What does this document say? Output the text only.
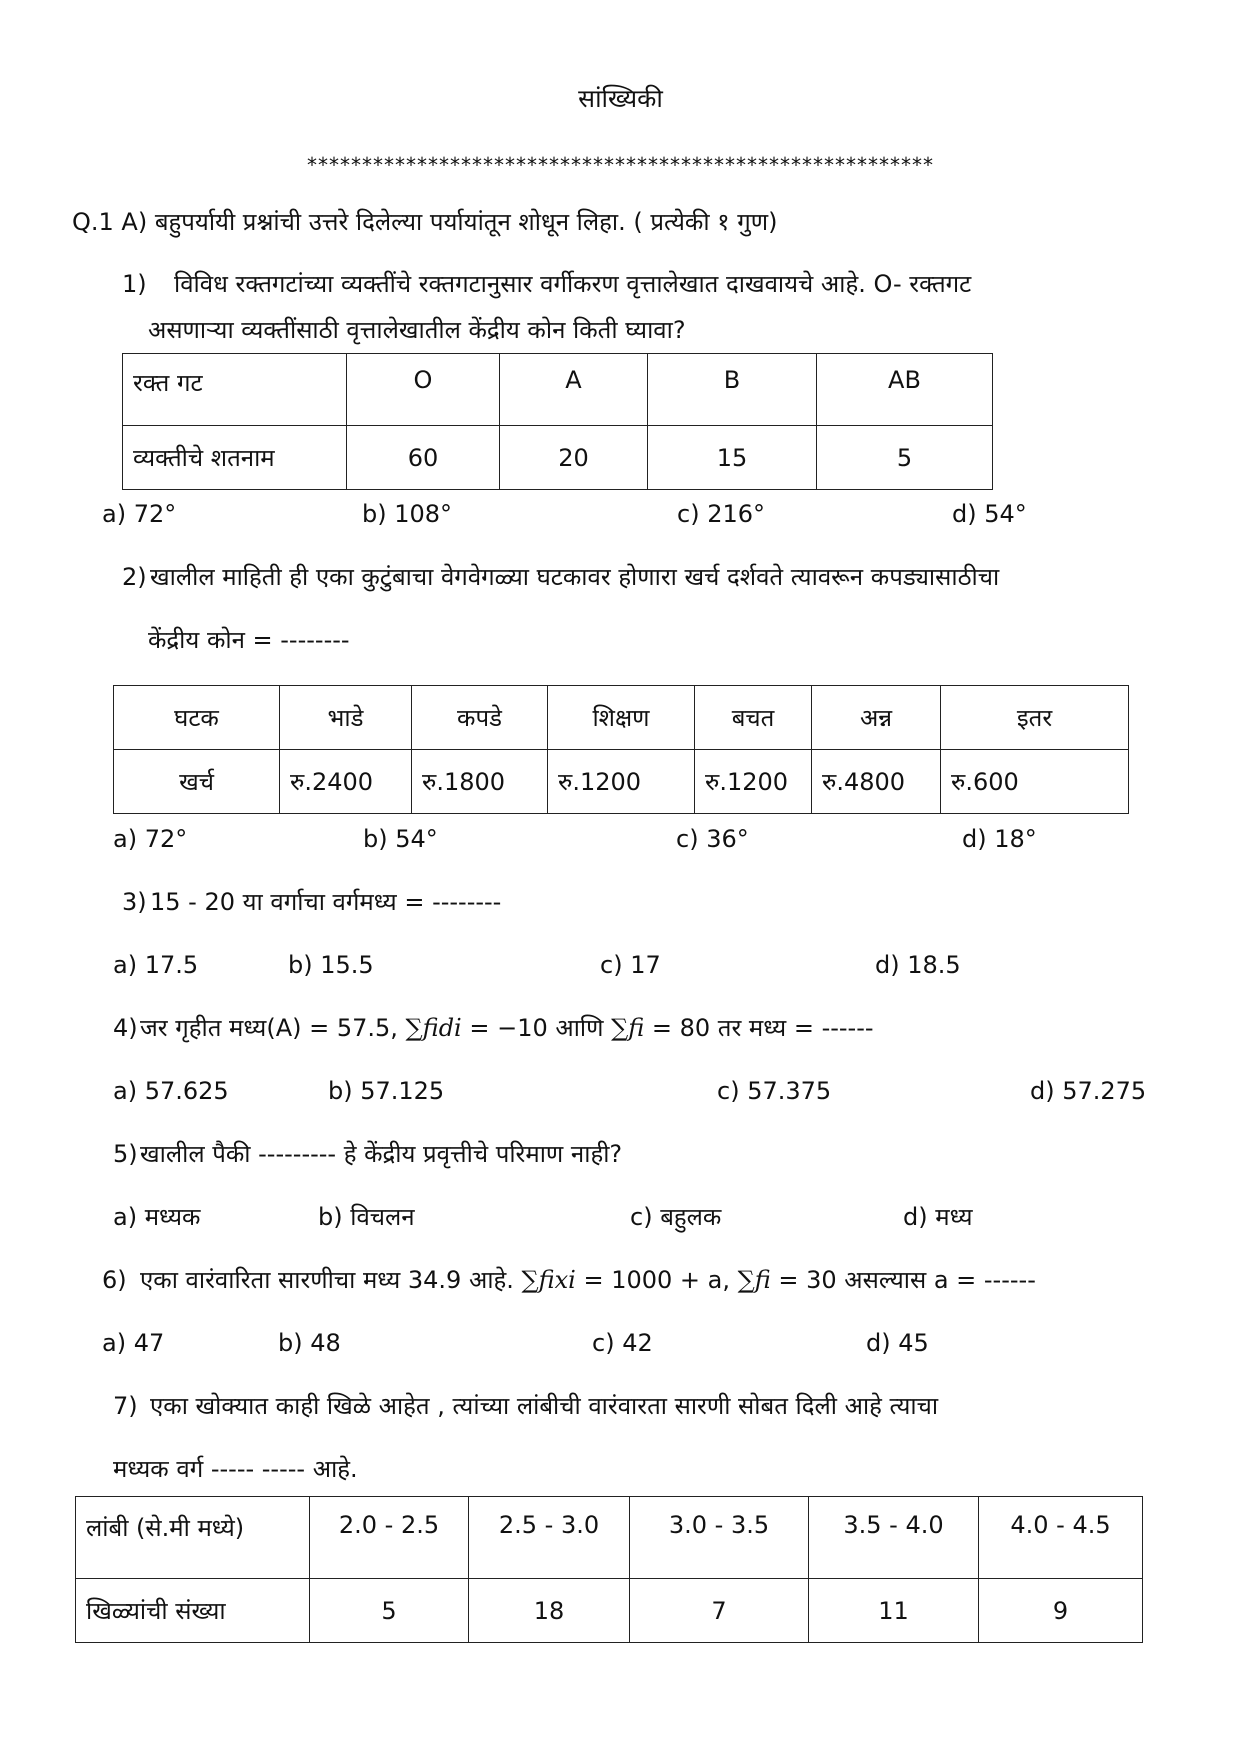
सांख्यिकी
*********************************************************
Q.1 A) बहुपर्यायी प्रश्नांची उत्तरे दिलेल्या पर्यायांतून शोधून लिहा. ( प्रत्येकी १ गुण)
1) विविध रक्तगटांच्या व्यक्तींचे रक्तगटानुसार वर्गीकरण वृत्तालेखात दाखवायचे आहे. O- रक्तगट
असणाऱ्या व्यक्तींसाठी वृत्तालेखातील केंद्रीय कोन किती घ्यावा?
रक्त गट	O	A	B	AB
व्यक्तीचे शतनाम	60	20	15	5
a) 72°	b) 108°	c) 216°	d) 54°
2) खालील माहिती ही एका कुटुंबाचा वेगवेगळ्या घटकावर होणारा खर्च दर्शवते त्यावरून कपड्यासाठीचा
केंद्रीय कोन = --------
घटक	भाडे	कपडे	शिक्षण	बचत	अन्न	इतर
खर्च	रु.2400	रु.1800	रु.1200	रु.1200	रु.4800	रु.600
a) 72°	b) 54°	c) 36°	d) 18°
3) 15 - 20 या वर्गाचा वर्गमध्य = --------
a) 17.5	b) 15.5	c) 17	d) 18.5
4) जर गृहीत मध्य(A) = 57.5, ∑fidi = −10 आणि ∑fi = 80 तर मध्य = ------
a) 57.625	b) 57.125	c) 57.375	d) 57.275
5) खालील पैकी --------- हे केंद्रीय प्रवृत्तीचे परिमाण नाही?
a) मध्यक	b) विचलन	c) बहुलक	d) मध्य
6) एका वारंवारिता सारणीचा मध्य 34.9 आहे. ∑fixi = 1000 + a, ∑fi = 30 असल्यास a = ------
a) 47	b) 48	c) 42	d) 45
7) एका खोक्यात काही खिळे आहेत , त्यांच्या लांबीची वारंवारता सारणी सोबत दिली आहे त्याचा
मध्यक वर्ग ----- ----- आहे.
लांबी (से.मी मध्ये)	2.0 - 2.5	2.5 - 3.0	3.0 - 3.5	3.5 - 4.0	4.0 - 4.5
खिळ्यांची संख्या	5	18	7	11	9
